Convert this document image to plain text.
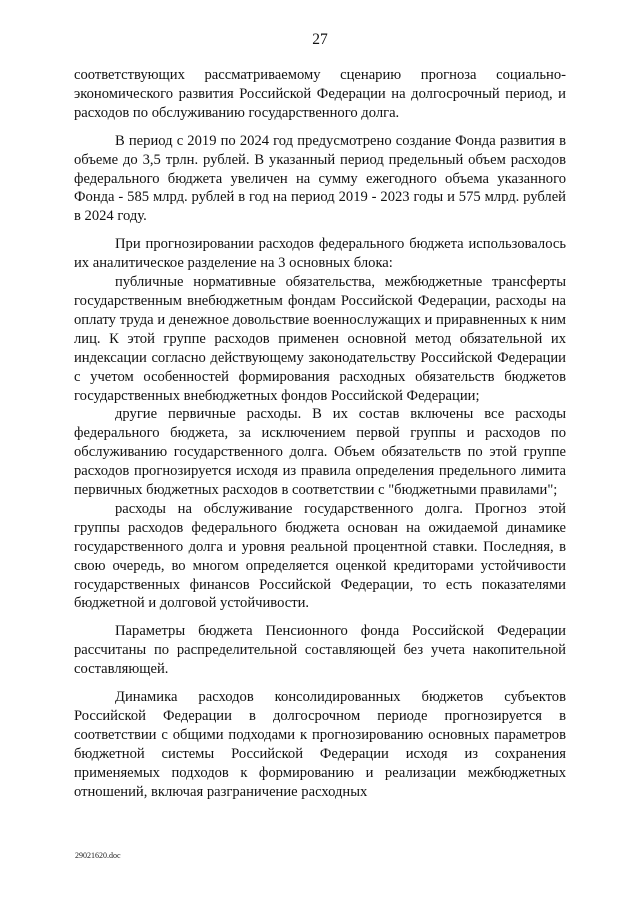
27

соответствующих рассматриваемому сценарию прогноза социально-экономического развития Российской Федерации на долгосрочный период, и расходов по обслуживанию государственного долга.

В период с 2019 по 2024 год предусмотрено создание Фонда развития в объеме до 3,5 трлн. рублей. В указанный период предельный объем расходов федерального бюджета увеличен на сумму ежегодного объема указанного Фонда - 585 млрд. рублей в год на период 2019 - 2023 годы и 575 млрд. рублей в 2024 году.

При прогнозировании расходов федерального бюджета использовалось их аналитическое разделение на 3 основных блока:

публичные нормативные обязательства, межбюджетные трансферты государственным внебюджетным фондам Российской Федерации, расходы на оплату труда и денежное довольствие военнослужащих и приравненных к ним лиц. К этой группе расходов применен основной метод обязательной их индексации согласно действующему законодательству Российской Федерации с учетом особенностей формирования расходных обязательств бюджетов государственных внебюджетных фондов Российской Федерации;

другие первичные расходы. В их состав включены все расходы федерального бюджета, за исключением первой группы и расходов по обслуживанию государственного долга. Объем обязательств по этой группе расходов прогнозируется исходя из правила определения предельного лимита первичных бюджетных расходов в соответствии с "бюджетными правилами";

расходы на обслуживание государственного долга. Прогноз этой группы расходов федерального бюджета основан на ожидаемой динамике государственного долга и уровня реальной процентной ставки. Последняя, в свою очередь, во многом определяется оценкой кредиторами устойчивости государственных финансов Российской Федерации, то есть показателями бюджетной и долговой устойчивости.

Параметры бюджета Пенсионного фонда Российской Федерации рассчитаны по распределительной составляющей без учета накопительной составляющей.

Динамика расходов консолидированных бюджетов субъектов Российской Федерации в долгосрочном периоде прогнозируется в соответствии с общими подходами к прогнозированию основных параметров бюджетной системы Российской Федерации исходя из сохранения применяемых подходов к формированию и реализации межбюджетных отношений, включая разграничение расходных

29021620.doc
